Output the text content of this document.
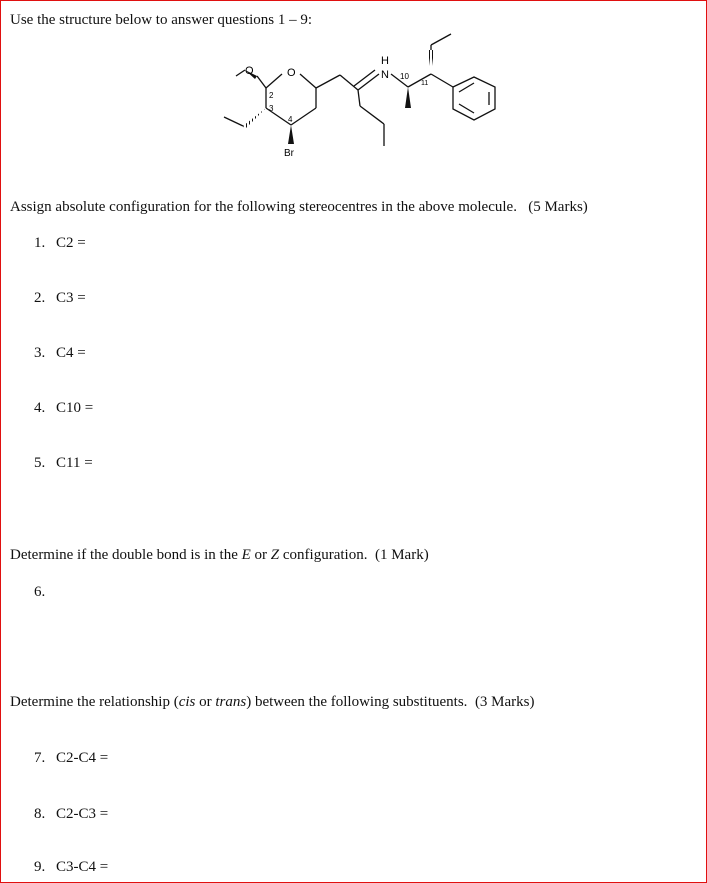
Use the structure below to answer questions 1 – 9:
O	O	N
H
Br
2
3
4
10
11
Assign absolute configuration for the following stereocentres in the above molecule. (5 Marks)
1. C2 =
2. C3 =
3. C4 =
4. C10 =
5. C11 =
Determine if the double bond is in the E or Z configuration. (1 Mark)
6.
Determine the relationship (cis or trans) between the following substituents. (3 Marks)
7. C2-C4 =
8. C2-C3 =
9. C3-C4 =
